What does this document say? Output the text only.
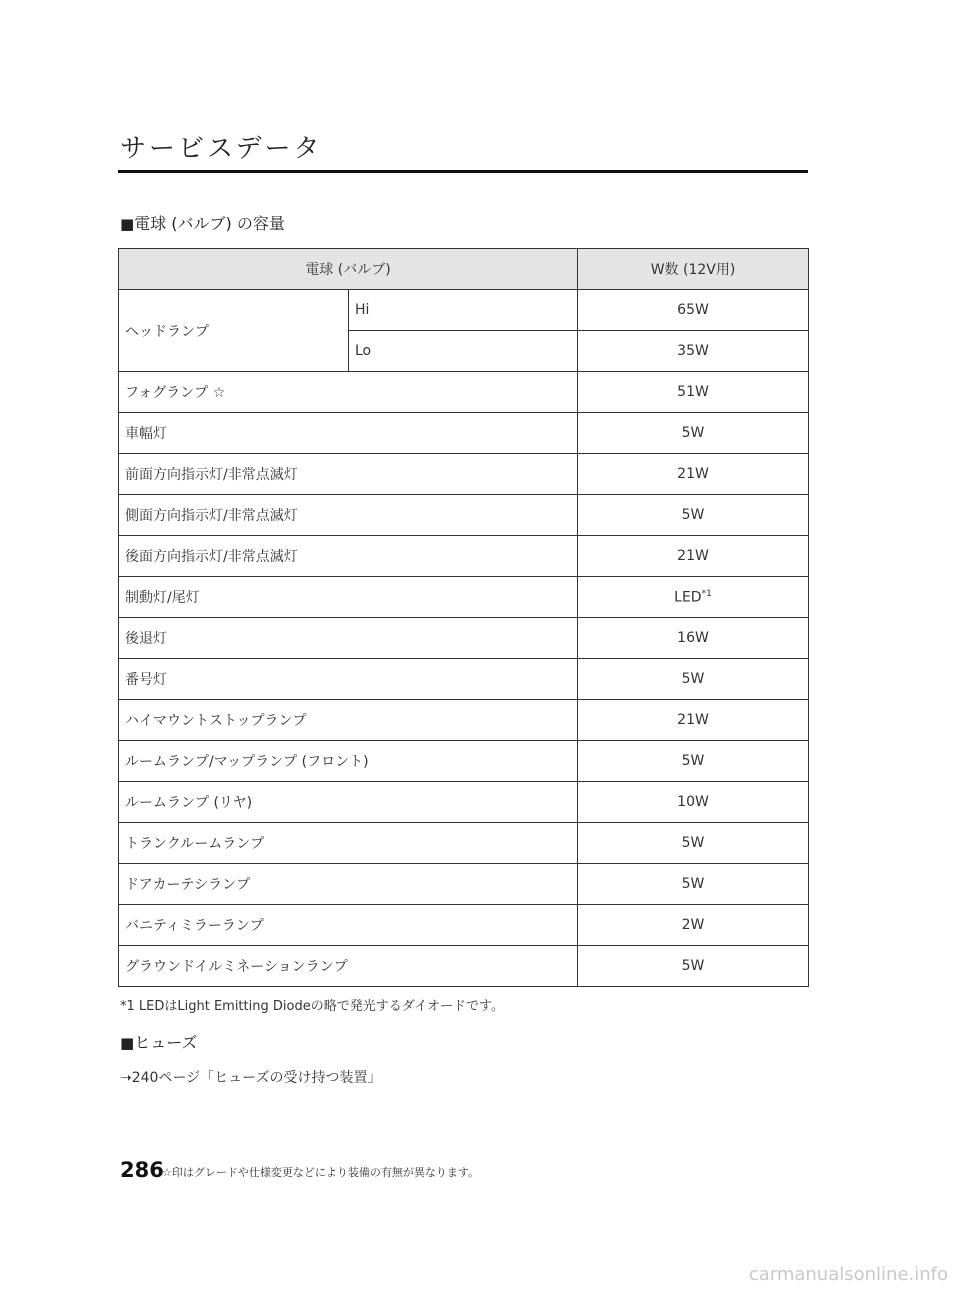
サービスデータ
■電球 (バルブ) の容量
電球 (バルブ)		W数 (12V用)
ヘッドランプ	Hi	65W
	Lo	35W
フォグランプ ☆		51W
車幅灯		5W
前面方向指示灯/非常点滅灯		21W
側面方向指示灯/非常点滅灯		5W
後面方向指示灯/非常点滅灯		21W
制動灯/尾灯		LED$^{*1}$
後退灯		16W
番号灯		5W
ハイマウントストップランプ		21W
ルームランプ/マップランプ (フロント)		5W
ルームランプ (リヤ)		10W
トランクルームランプ		5W
ドアカーテシランプ		5W
バニティミラーランプ		2W
グラウンドイルミネーションランプ		5W
*1 LEDはLight Emitting Diodeの略で発光するダイオードです。
■ヒューズ
➝240ページ「ヒューズの受け持つ装置」
286
☆印はグレードや仕様変更などにより装備の有無が異なります。
carmanualsonline.info
